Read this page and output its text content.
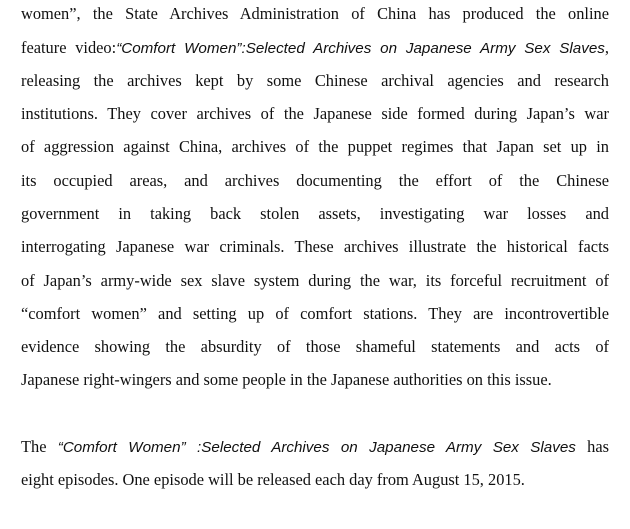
women”, the State Archives Administration of China has produced the online
feature video:“Comfort Women”:Selected Archives on Japanese Army Sex Slaves,
releasing the archives kept by some Chinese archival agencies and research
institutions. They cover archives of the Japanese side formed during Japan’s war
of aggression against China, archives of the puppet regimes that Japan set up in
its occupied areas, and archives documenting the effort of the Chinese
government in taking back stolen assets, investigating war losses and
interrogating Japanese war criminals. These archives illustrate the historical facts
of Japan’s army-wide sex slave system during the war, its forceful recruitment of
“comfort women” and setting up of comfort stations. They are incontrovertible
evidence showing the absurdity of those shameful statements and acts of
Japanese right-wingers and some people in the Japanese authorities on this issue.
The “Comfort Women” :Selected Archives on Japanese Army Sex Slaves has
eight episodes. One episode will be released each day from August 15, 2015.
